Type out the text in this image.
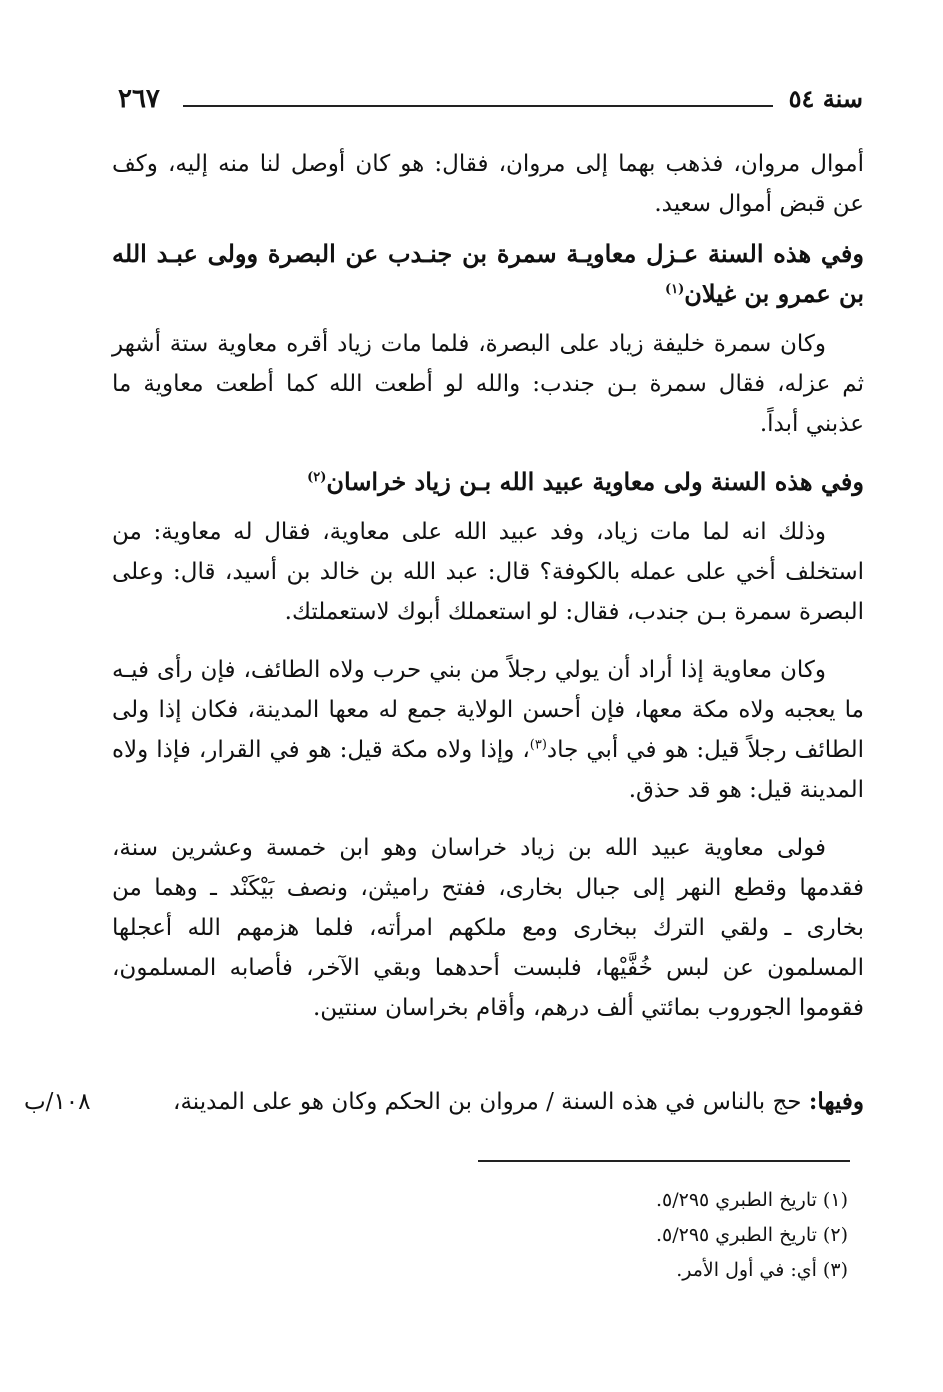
سنة ٥٤
٢٦٧

أموال مروان، فذهب بهما إلى مروان، فقال: هو كان أوصل لنا منه إليه، وكف عن قبض أموال سعيد.

وفي هذه السنة عـزل معاويـة سمرة بن جنـدب عن البصرة وولى عبـد الله بن عمرو بن غيلان$^{(١)}$

وكان سمرة خليفة زياد على البصرة، فلما مات زياد أقره معاوية ستة أشهر ثم عزله، فقال سمرة بـن جندب: والله لو أطعت الله كما أطعت معاوية ما عذبني أبداً.

وفي هذه السنة ولى معاوية عبيد الله بـن زياد خراسان$^{(٢)}$

وذلك انه لما مات زياد، وفد عبيد الله على معاوية، فقال له معاوية: من استخلف أخي على عمله بالكوفة؟ قال: عبد الله بن خالد بن أسيد، قال: وعلى البصرة سمرة بـن جندب، فقال: لو استعملك أبوك لاستعملتك.

وكان معاوية إذا أراد أن يولي رجلاً من بني حرب ولاه الطائف، فإن رأى فيـه ما يعجبه ولاه مكة معها، فإن أحسن الولاية جمع له معها المدينة، فكان إذا ولى الطائف رجلاً قيل: هو في أبي جاد$^{(٣)}$، وإذا ولاه مكة قيل: هو في القرار، فإذا ولاه المدينة قيل: هو قد حذق.

فولى معاوية عبيد الله بن زياد خراسان وهو ابن خمسة وعشرين سنة، فقدمها وقطع النهر إلى جبال بخارى، ففتح راميثن، ونصف بَيْكَنْد ـ وهما من بخارى ـ ولقي الترك ببخارى ومع ملكهم امرأته، فلما هزمهم الله أعجلها المسلمون عن لبس خُفَّيْها، فلبست أحدهما وبقي الآخر، فأصابه المسلمون، فقوموا الجوروب بمائتي ألف درهم، وأقام بخراسان سنتين.

وفيها: حج بالناس في هذه السنة / مروان بن الحكم وكان هو على المدينة،
١٠٨/ب
(١) تاريخ الطبري ٥/٢٩٥.
(٢) تاريخ الطبري ٥/٢٩٥.
(٣) أي: في أول الأمر.
